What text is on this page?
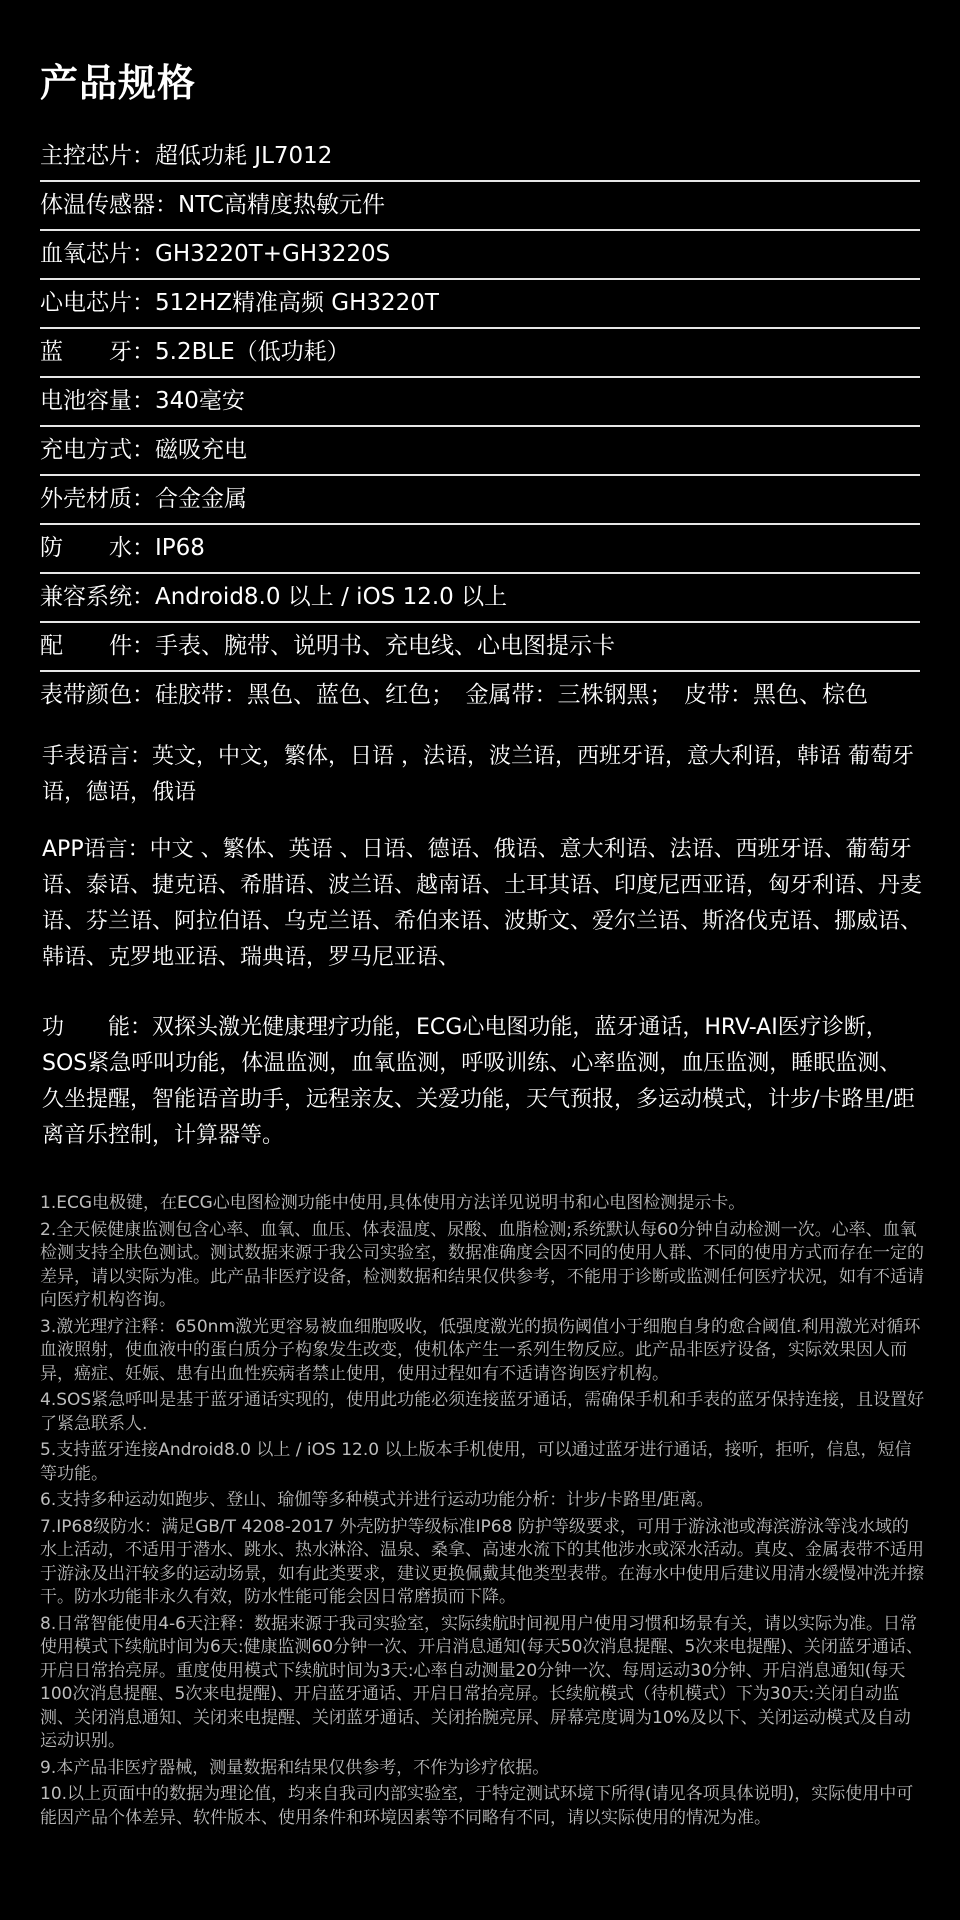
产品规格
主控芯片：超低功耗 JL7012
体温传感器：NTC高精度热敏元件
血氧芯片：GH3220T+GH3220S
心电芯片：512HZ精准高频 GH3220T
蓝　　牙：5.2BLE（低功耗）
电池容量：340毫安
充电方式：磁吸充电
外壳材质：合金金属
防　　水：IP68
兼容系统：Android8.0 以上 / iOS 12.0 以上
配　　件：手表、腕带、说明书、充电线、心电图提示卡
表带颜色：硅胶带：黑色、蓝色、红色；　金属带：三株钢黑；　皮带：黑色、棕色
手表语言：英文，中文，繁体，日语 ，法语，波兰语，西班牙语，意大利语，韩语 葡萄牙语，德语，俄语
APP语言：中文 、繁体、英语 、日语、德语、俄语、意大利语、法语、西班牙语、葡萄牙语、泰语、捷克语、希腊语、波兰语、越南语、土耳其语、印度尼西亚语，匈牙利语、丹麦语、芬兰语、阿拉伯语、乌克兰语、希伯来语、波斯文、爱尔兰语、斯洛伐克语、挪威语、韩语、克罗地亚语、瑞典语，罗马尼亚语、
功　　能：双探头激光健康理疗功能，ECG心电图功能，蓝牙通话，HRV-AI医疗诊断，SOS紧急呼叫功能，体温监测，血氧监测，呼吸训练、心率监测，血压监测，睡眠监测、久坐提醒，智能语音助手，远程亲友、关爱功能，天气预报，多运动模式，计步/卡路里/距离音乐控制，计算器等。
1.ECG电极键，在ECG心电图检测功能中使用,具体使用方法详见说明书和心电图检测提示卡。
2.全天候健康监测包含心率、血氧、血压、体表温度、尿酸、血脂检测;系统默认每60分钟自动检测一次。心率、血氧检测支持全肤色测试。测试数据来源于我公司实验室，数据准确度会因不同的使用人群、不同的使用方式而存在一定的差异，请以实际为准。此产品非医疗设备，检测数据和结果仅供参考，不能用于诊断或监测任何医疗状况，如有不适请向医疗机构咨询。
3.激光理疗注释：650nm激光更容易被血细胞吸收，低强度激光的损伤阈值小于细胞自身的愈合阈值.利用激光对循环血液照射，使血液中的蛋白质分子构象发生改变，使机体产生一系列生物反应。此产品非医疗设备，实际效果因人而异，癌症、妊娠、患有出血性疾病者禁止使用，使用过程如有不适请咨询医疗机构。
4.SOS紧急呼叫是基于蓝牙通话实现的，使用此功能必须连接蓝牙通话，需确保手机和手表的蓝牙保持连接，且设置好了紧急联系人.
5.支持蓝牙连接Android8.0 以上 / iOS 12.0 以上版本手机使用，可以通过蓝牙进行通话，接听，拒听，信息，短信等功能。
6.支持多种运动如跑步、登山、瑜伽等多种模式并进行运动功能分析：计步/卡路里/距离。
7.IP68级防水：满足GB/T 4208-2017 外壳防护等级标准IP68 防护等级要求，可用于游泳池或海滨游泳等浅水域的水上活动，不适用于潜水、跳水、热水淋浴、温泉、桑拿、高速水流下的其他涉水或深水活动。真皮、金属表带不适用于游泳及出汗较多的运动场景，如有此类要求，建议更换佩戴其他类型表带。在海水中使用后建议用清水缓慢冲洗并擦干。防水功能非永久有效，防水性能可能会因日常磨损而下降。
8.日常智能使用4-6天注释：数据来源于我司实验室，实际续航时间视用户使用习惯和场景有关，请以实际为准。日常使用模式下续航时间为6天:健康监测60分钟一次、开启消息通知(每天50次消息提醒、5次来电提醒)、关闭蓝牙通话、开启日常抬亮屏。重度使用模式下续航时间为3天:心率自动测量20分钟一次、每周运动30分钟、开启消息通知(每天100次消息提醒、5次来电提醒)、开启蓝牙通话、开启日常抬亮屏。长续航模式（待机模式）下为30天:关闭自动监测、关闭消息通知、关闭来电提醒、关闭蓝牙通话、关闭抬腕亮屏、屏幕亮度调为10%及以下、关闭运动模式及自动运动识别。
9.本产品非医疗器械，测量数据和结果仅供参考，不作为诊疗依据。
10.以上页面中的数据为理论值，均来自我司内部实验室，于特定测试环境下所得(请见各项具体说明)，实际使用中可能因产品个体差异、软件版本、使用条件和环境因素等不同略有不同，请以实际使用的情况为准。
